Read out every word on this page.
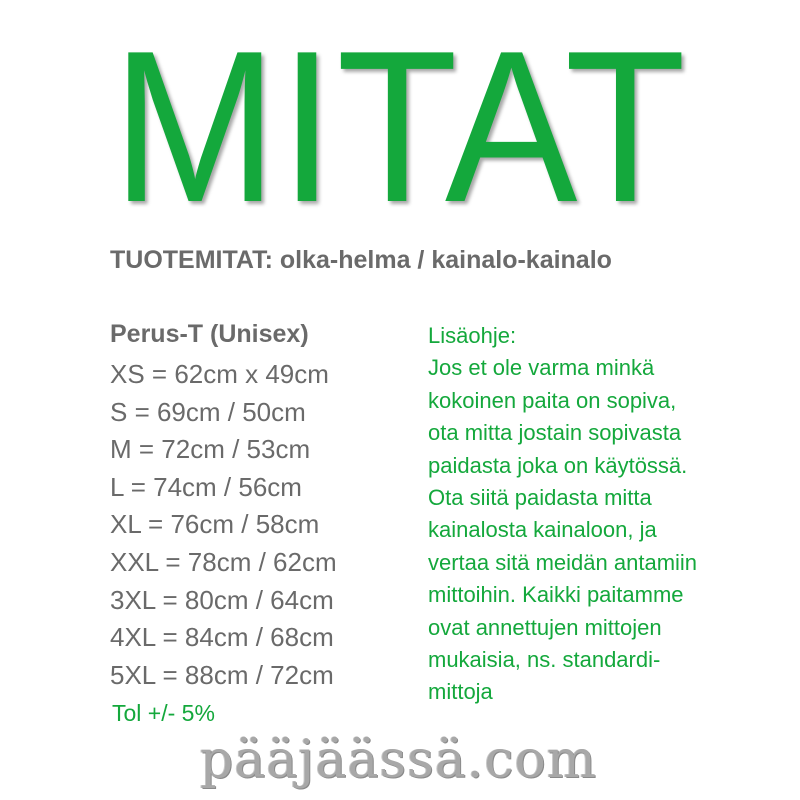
MITAT
TUOTEMITAT: olka-helma / kainalo-kainalo
Perus-T (Unisex)
XS = 62cm x 49cm
S = 69cm / 50cm
M = 72cm / 53cm
L = 74cm / 56cm
XL = 76cm / 58cm
XXL = 78cm / 62cm
3XL = 80cm / 64cm
4XL = 84cm / 68cm
5XL = 88cm / 72cm
Tol +/- 5%
Lisäohje:
Jos et ole varma minkä
kokoinen paita on sopiva,
ota mitta jostain sopivasta
paidasta joka on käytössä.
Ota siitä paidasta mitta
kainalosta kainaloon, ja
vertaa sitä meidän antamiin
mittoihin. Kaikki paitamme
ovat annettujen mittojen
mukaisia, ns. standardi-
mittoja
pääjäässä.com
